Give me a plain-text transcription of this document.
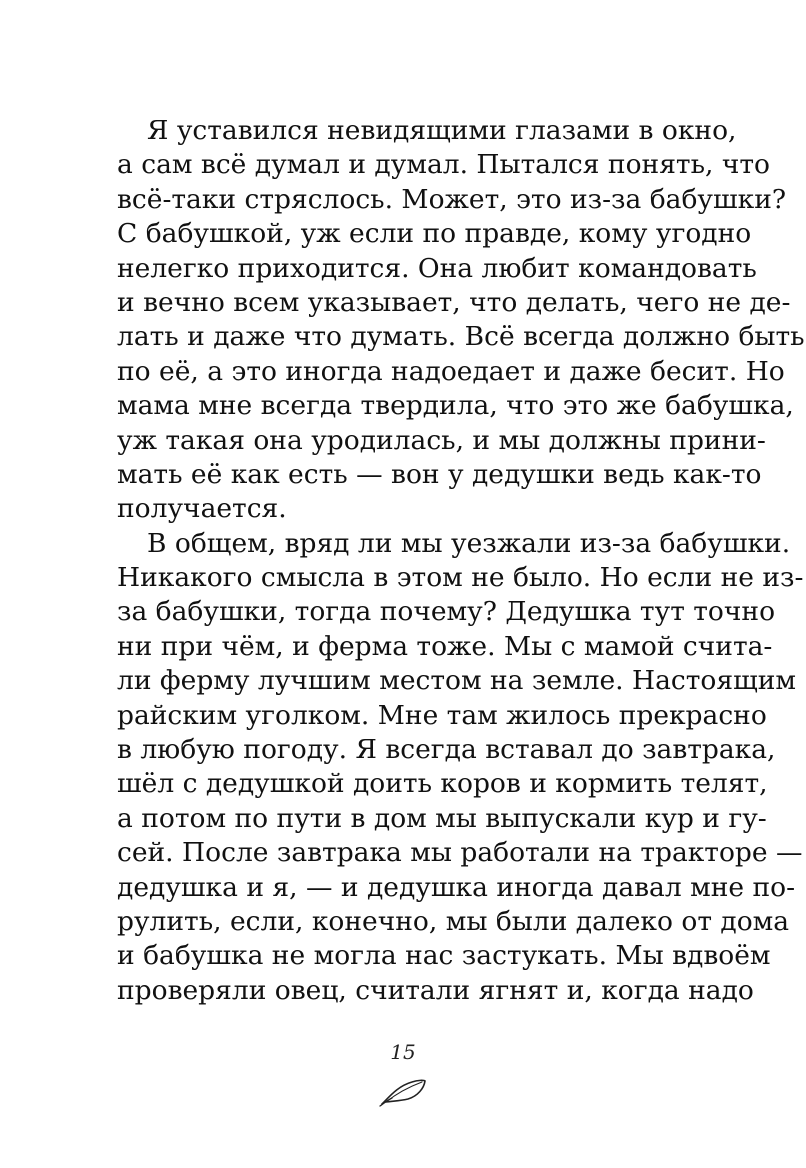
Я уставился невидящими глазами в окно,
а сам всё думал и думал. Пытался понять, что
всё-таки стряслось. Может, это из-за бабушки?
С бабушкой, уж если по правде, кому угодно
нелегко приходится. Она любит командовать
и вечно всем указывает, что делать, чего не де-
лать и даже что думать. Всё всегда должно быть
по её, а это иногда надоедает и даже бесит. Но
мама мне всегда твердила, что это же бабушка,
уж такая она уродилась, и мы должны прини-
мать её как есть — вон у дедушки ведь как-то
получается.
В общем, вряд ли мы уезжали из-за бабушки.
Никакого смысла в этом не было. Но если не из-
за бабушки, тогда почему? Дедушка тут точно
ни при чём, и ферма тоже. Мы с мамой счита-
ли ферму лучшим местом на земле. Настоящим
райским уголком. Мне там жилось прекрасно
в любую погоду. Я всегда вставал до завтрака,
шёл с дедушкой доить коров и кормить телят,
а потом по пути в дом мы выпускали кур и гу-
сей. После завтрака мы работали на тракторе —
дедушка и я, — и дедушка иногда давал мне по-
рулить, если, конечно, мы были далеко от дома
и бабушка не могла нас застукать. Мы вдвоём
проверяли овец, считали ягнят и, когда надо
15
